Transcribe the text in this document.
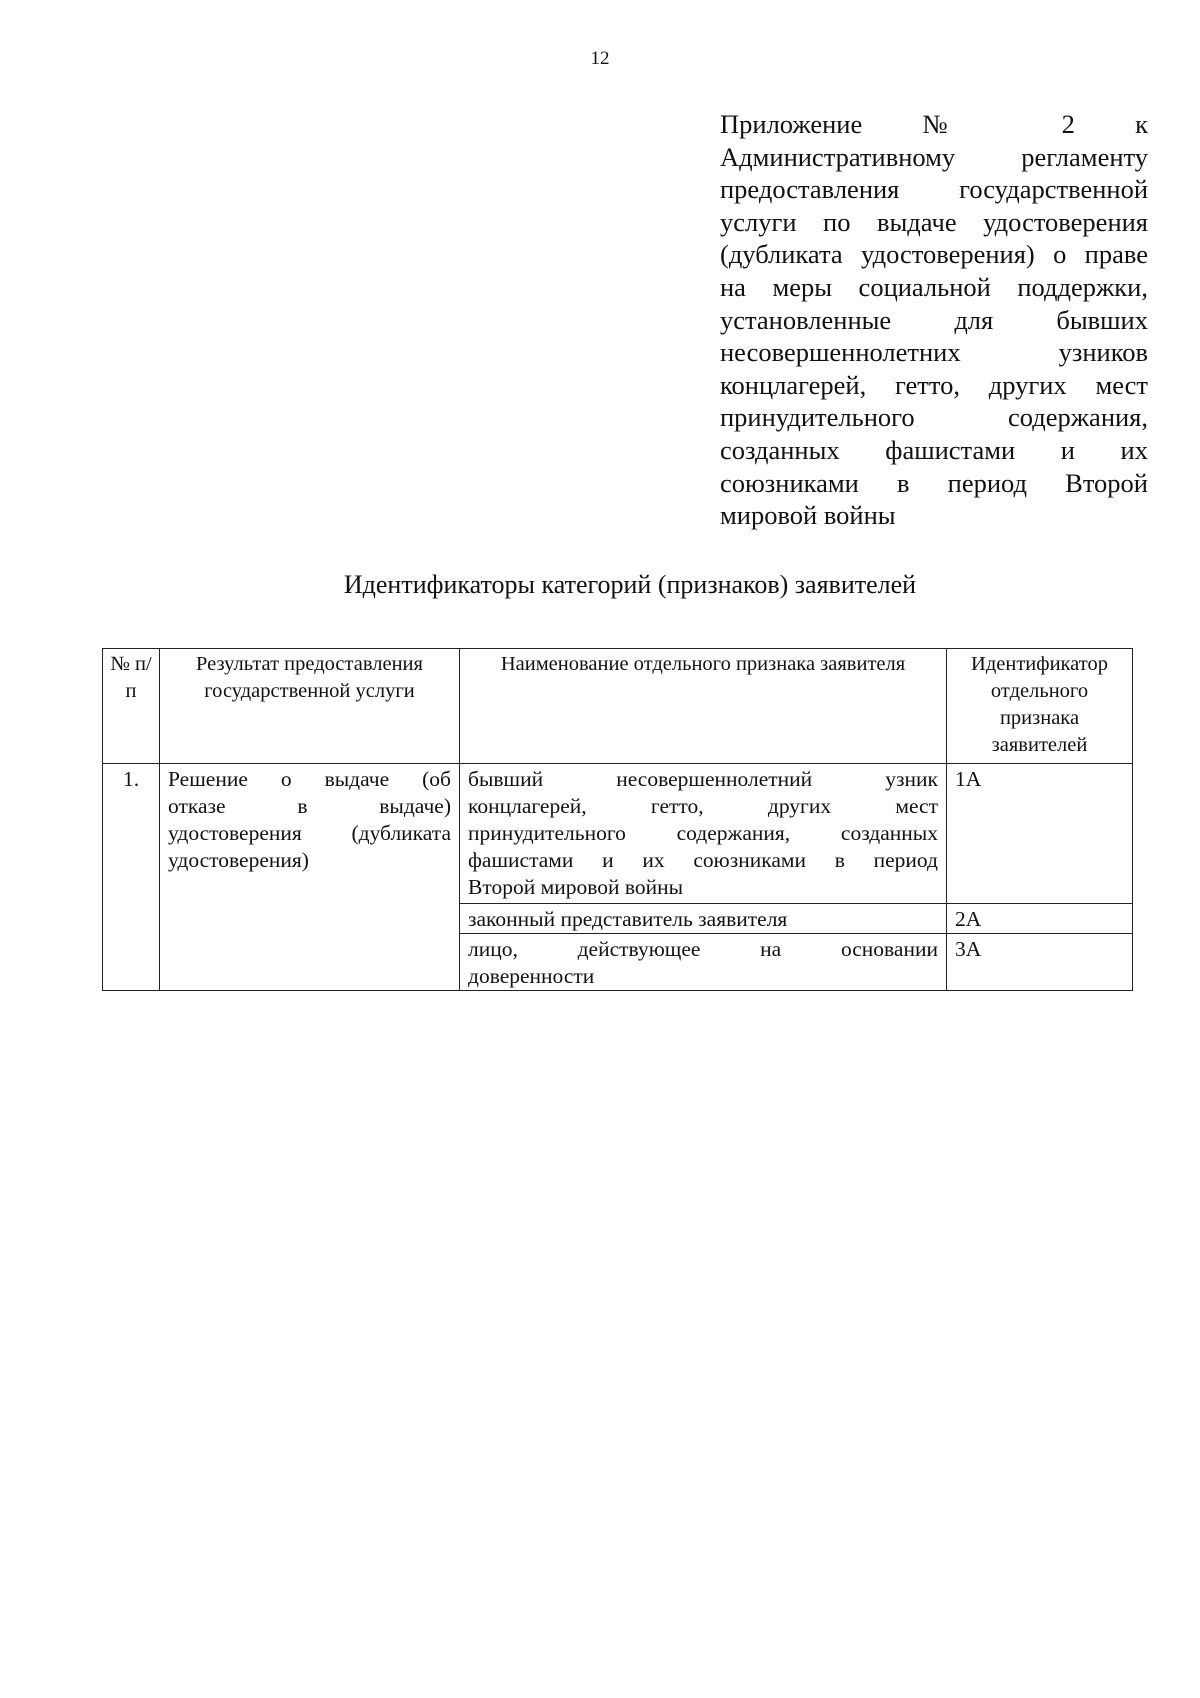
12
Приложение № 2 к
Административному регламенту
предоставления государственной
услуги по выдаче удостоверения
(дубликата удостоверения) о праве
на меры социальной поддержки,
установленные для бывших
несовершеннолетних узников
концлагерей, гетто, других мест
принудительного содержания,
созданных фашистами и их
союзниками в период Второй
мировой войны
Идентификаторы категорий (признаков) заявителей
№ п/п	Результат предоставления государственной услуги	Наименование отдельного признака заявителя	Идентификатор отдельного признака заявителей
1.	Решение о выдаче (об
отказе в выдаче)
удостоверения (дубликата
удостоверения)	бывший несовершеннолетний узник
концлагерей, гетто, других мест
принудительного содержания, созданных
фашистами и их союзниками в период
Второй мировой войны	1А

		законный представитель заявителя	2А

		лицо, действующее на основании
доверенности	3А
